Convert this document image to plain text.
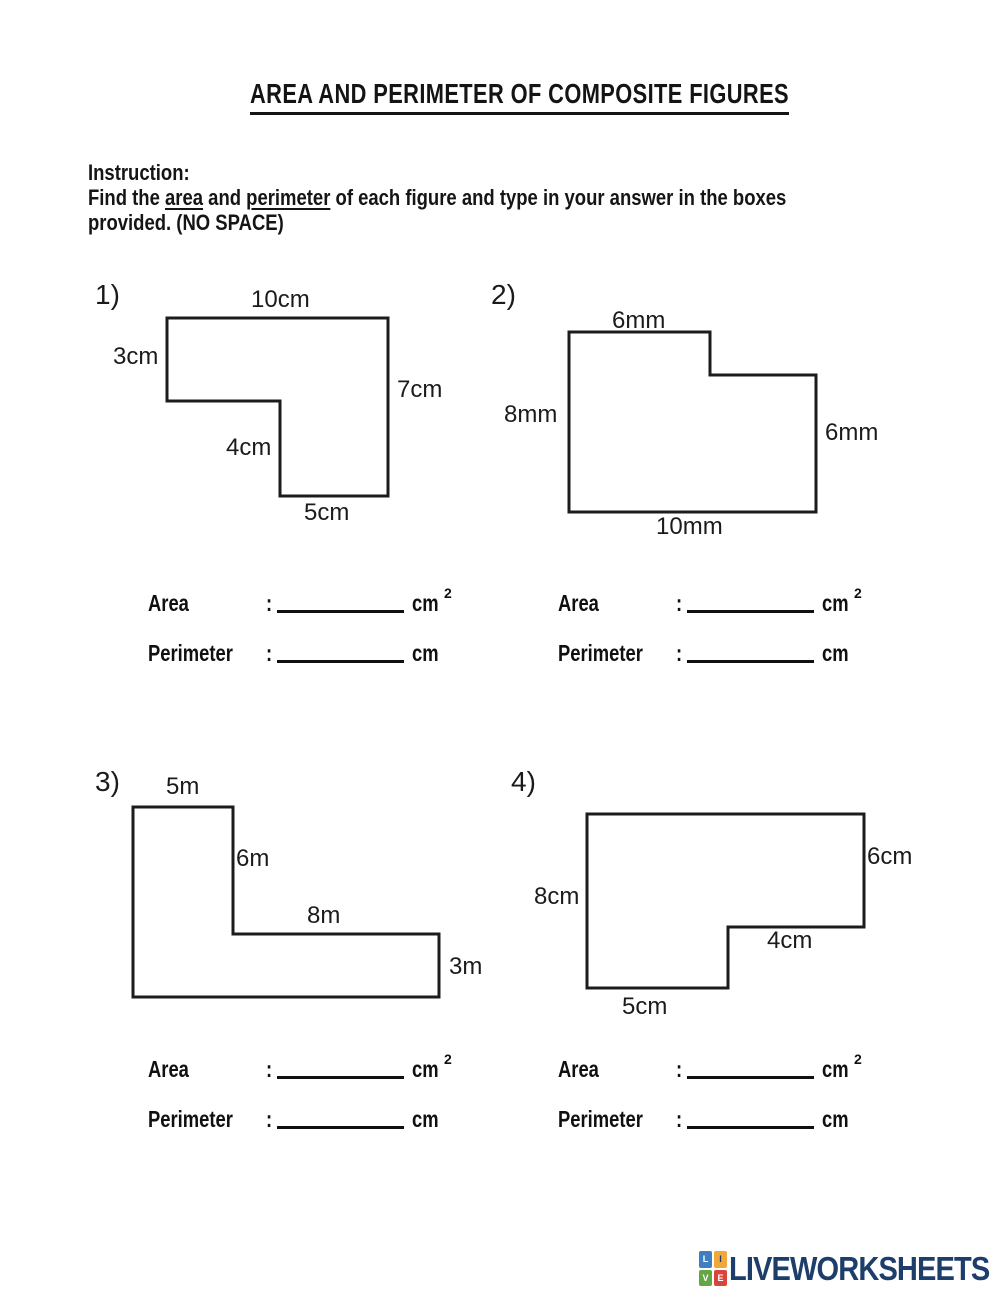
AREA AND PERIMETER OF COMPOSITE FIGURES
Instruction:
Find the area and perimeter of each figure and type in your answer in the boxes
provided. (NO SPACE)
1)	10cm
3cm
7cm
4cm
5cm
2)
6mm
8mm
6mm
10mm
3) 5m
6m
8m
3m
4)
8cm
6cm
4cm
5cm
Area	:	cm 2
Perimeter :	cm
Area	:	cm 2
Perimeter :	cm
Area	:	cm 2
Perimeter :	cm
Area	:	cm 2
Perimeter :	cm
L	I
V E LIVEWORKSHEETS
